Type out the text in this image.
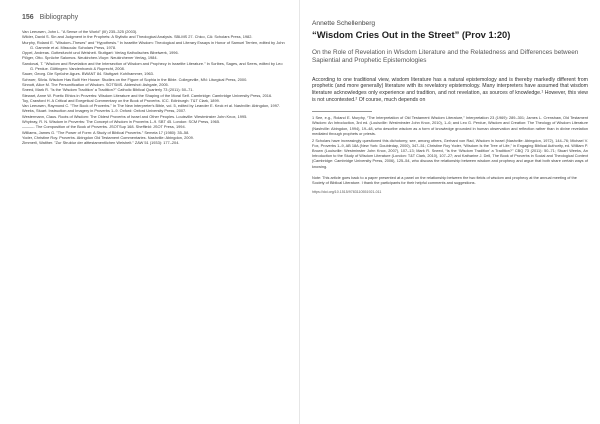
156 Bibliography

Van Leeuwen, John L. "A Sense of the World" (III) 235–325 (2003).

Wilder, David S. Sin and Judgment in the Prophets: A Stylistic and Theological Analysis. SBLMS 27. Chico, CA: Scholars Press, 1982.

Murphy, Roland E. "Wisdom–Theses" and "Hypothesis." In Israelite Wisdom: Theological and Literary Essays in Honor of Samuel Terrien, edited by John G. Gammie et al. Missoula: Scholars Press, 1978.

Oppel, Andreas. Gottesfurcht und Weisheit. Stuttgart: Verlag Katholisches Bibelwerk, 1996.

Plöger, Otto. Sprüche Salomos. Neukirchen-Vluyn: Neukirchener Verlag, 1984.

Sandoval, T. "Wisdom and Revelation and the Intersection of Wisdom and Prophecy in Israelite Literature." In Scribes, Sages, and Seers, edited by Leo G. Perdue. Göttingen: Vandenhoeck & Ruprecht, 2008.

Sauer, Georg. Die Sprüche Agurs. BWANT 84. Stuttgart: Kohlhammer, 1963.

Schroer, Silvia. Wisdom Has Built Her House: Studies on the Figure of Sophia in the Bible. Collegeville, MN: Liturgical Press, 2000.

Sinnott, Alice M. The Personification of Wisdom. SOTSMS. Aldershot: Ashgate, 2005.

Sneed, Mark R. "Is the 'Wisdom Tradition' a Tradition?" Catholic Biblical Quarterly 73 (2011): 50–71.

Stewart, Anne W. Poetic Ethics in Proverbs: Wisdom Literature and the Shaping of the Moral Self. Cambridge: Cambridge University Press, 2016.

Toy, Crawford H. A Critical and Exegetical Commentary on the Book of Proverbs. ICC. Edinburgh: T&T Clark, 1899.

Van Leeuwen, Raymond C. "The Book of Proverbs." In The New Interpreter's Bible, vol. 5, edited by Leander E. Keck et al. Nashville: Abingdon, 1997.

Weeks, Stuart. Instruction and Imagery in Proverbs 1–9. Oxford: Oxford University Press, 2007.

Westermann, Claus. Roots of Wisdom: The Oldest Proverbs of Israel and Other Peoples. Louisville: Westminster John Knox, 1995.

Whybray, R. N. Wisdom in Proverbs: The Concept of Wisdom in Proverbs 1–9. SBT 45. London: SCM Press, 1965.

———. The Composition of the Book of Proverbs. JSOTSup 168. Sheffield: JSOT Press, 1994.

Williams, James G. "The Power of Form: A Study of Biblical Proverbs." Semeia 17 (1980): 35–58.

Yoder, Christine Roy. Proverbs. Abingdon Old Testament Commentaries. Nashville: Abingdon, 2009.

Zimmerli, Walther. "Zur Struktur der alttestamentlichen Weisheit." ZAW 51 (1933): 177–204.

Annette Schellenberg
“Wisdom Cries Out in the Street” (Prov 1:20)
On the Role of Revelation in Wisdom Literature and the Relatedness and Differences between Sapiential and Prophetic Epistemologies
According to one traditional view, wisdom literature has a natural epistemology and is thereby markedly different from prophetic (and more generally) literature with its revelatory epistemology. Many interpreters have assumed that wisdom literature acknowledges only experience and tradition, and not revelation, as sources of knowledge.¹ However, this view is not uncontested.² Of course, much depends on
1 See, e.g., Roland E. Murphy, “The Interpretation of Old Testament Wisdom Literature,” Interpretation 23 (1969): 289–301; James L. Crenshaw, Old Testament Wisdom: An Introduction, 3rd ed. (Louisville: Westminster John Knox, 2010), 1–6; and Leo G. Perdue, Wisdom and Creation: The Theology of Wisdom Literature (Nashville: Abingdon, 1994), 19–48, who describe wisdom as a form of knowledge grounded in human observation and reflection rather than in divine revelation mediated through prophets or priests.
2 Scholars have increasingly questioned this dichotomy; see, among others, Gerhard von Rad, Wisdom in Israel (Nashville: Abingdon, 1972), 144–76; Michael V. Fox, Proverbs 1–9, AB 18A (New York: Doubleday, 2000), 347–51; Christine Roy Yoder, “Wisdom Is the Tree of Life,” in Engaging Biblical Authority, ed. William P. Brown (Louisville: Westminster John Knox, 2007), 107–13; Mark R. Sneed, “Is the ‘Wisdom Tradition’ a Tradition?” CBQ 73 (2011): 50–71; Stuart Weeks, An Introduction to the Study of Wisdom Literature (London: T&T Clark, 2010), 107–27; and Katharine J. Dell, The Book of Proverbs in Social and Theological Context (Cambridge: Cambridge University Press, 2006), 125–54, who discuss the relationship between wisdom and prophecy and argue that both share certain ways of knowing.
Note: This article goes back to a paper presented at a panel on the relationship between the two fields of wisdom and prophecy at the annual meeting of the Society of Biblical Literature. I thank the participants for their helpful comments and suggestions.
https://doi.org/10.1515/9783110551921-011
